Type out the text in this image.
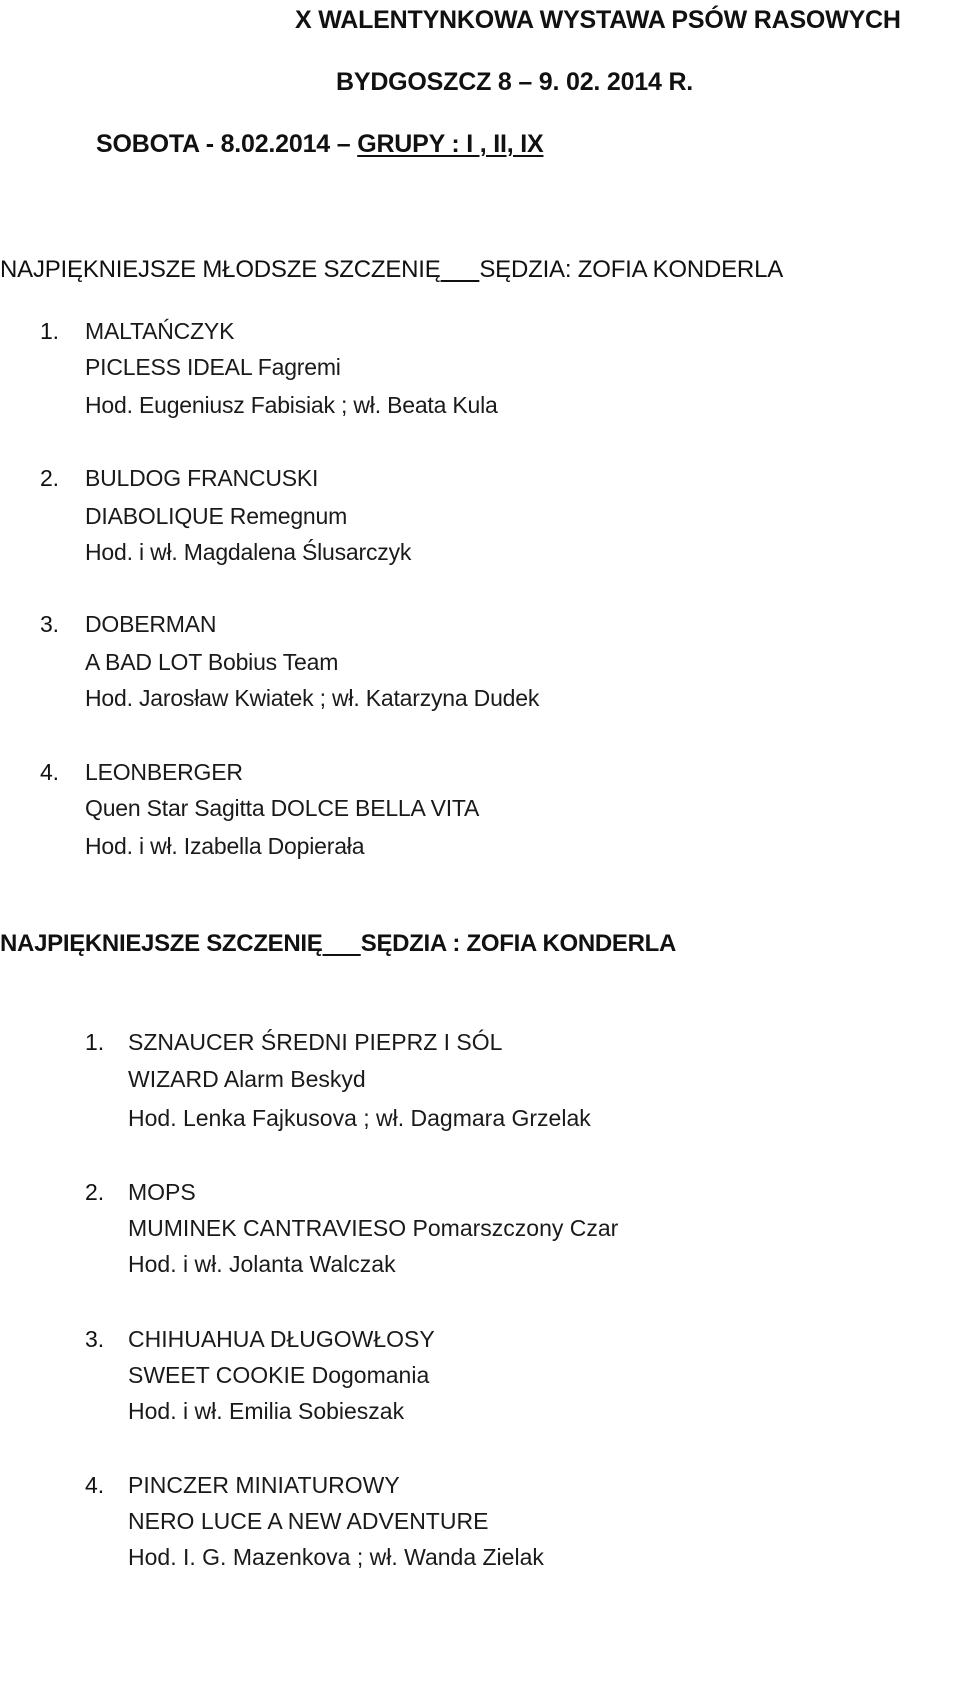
X WALENTYNKOWA WYSTAWA PSÓW RASOWYCH
BYDGOSZCZ 8 – 9. 02. 2014 R.
SOBOTA - 8.02.2014 – GRUPY : I , II, IX
NAJPIĘKNIEJSZE MŁODSZE SZCZENIĘ SĘDZIA: ZOFIA KONDERLA
1. MALTAŃCZYK
PICLESS IDEAL Fagremi
Hod. Eugeniusz Fabisiak ; wł. Beata Kula
2. BULDOG FRANCUSKI
DIABOLIQUE Remegnum
Hod. i wł. Magdalena Ślusarczyk
3. DOBERMAN
A BAD LOT Bobius Team
Hod. Jarosław Kwiatek ; wł. Katarzyna Dudek
4. LEONBERGER
Quen Star Sagitta DOLCE BELLA VITA
Hod. i wł. Izabella Dopierała
NAJPIĘKNIEJSZE SZCZENIĘ SĘDZIA : ZOFIA KONDERLA
1. SZNAUCER ŚREDNI PIEPRZ I SÓL
WIZARD Alarm Beskyd
Hod. Lenka Fajkusova ; wł. Dagmara Grzelak
2. MOPS
MUMINEK CANTRAVIESO Pomarszczony Czar
Hod. i wł. Jolanta Walczak
3. CHIHUAHUA DŁUGOWŁOSY
SWEET COOKIE Dogomania
Hod. i wł. Emilia Sobieszak
4. PINCZER MINIATUROWY
NERO LUCE A NEW ADVENTURE
Hod. I. G. Mazenkova ; wł. Wanda Zielak
